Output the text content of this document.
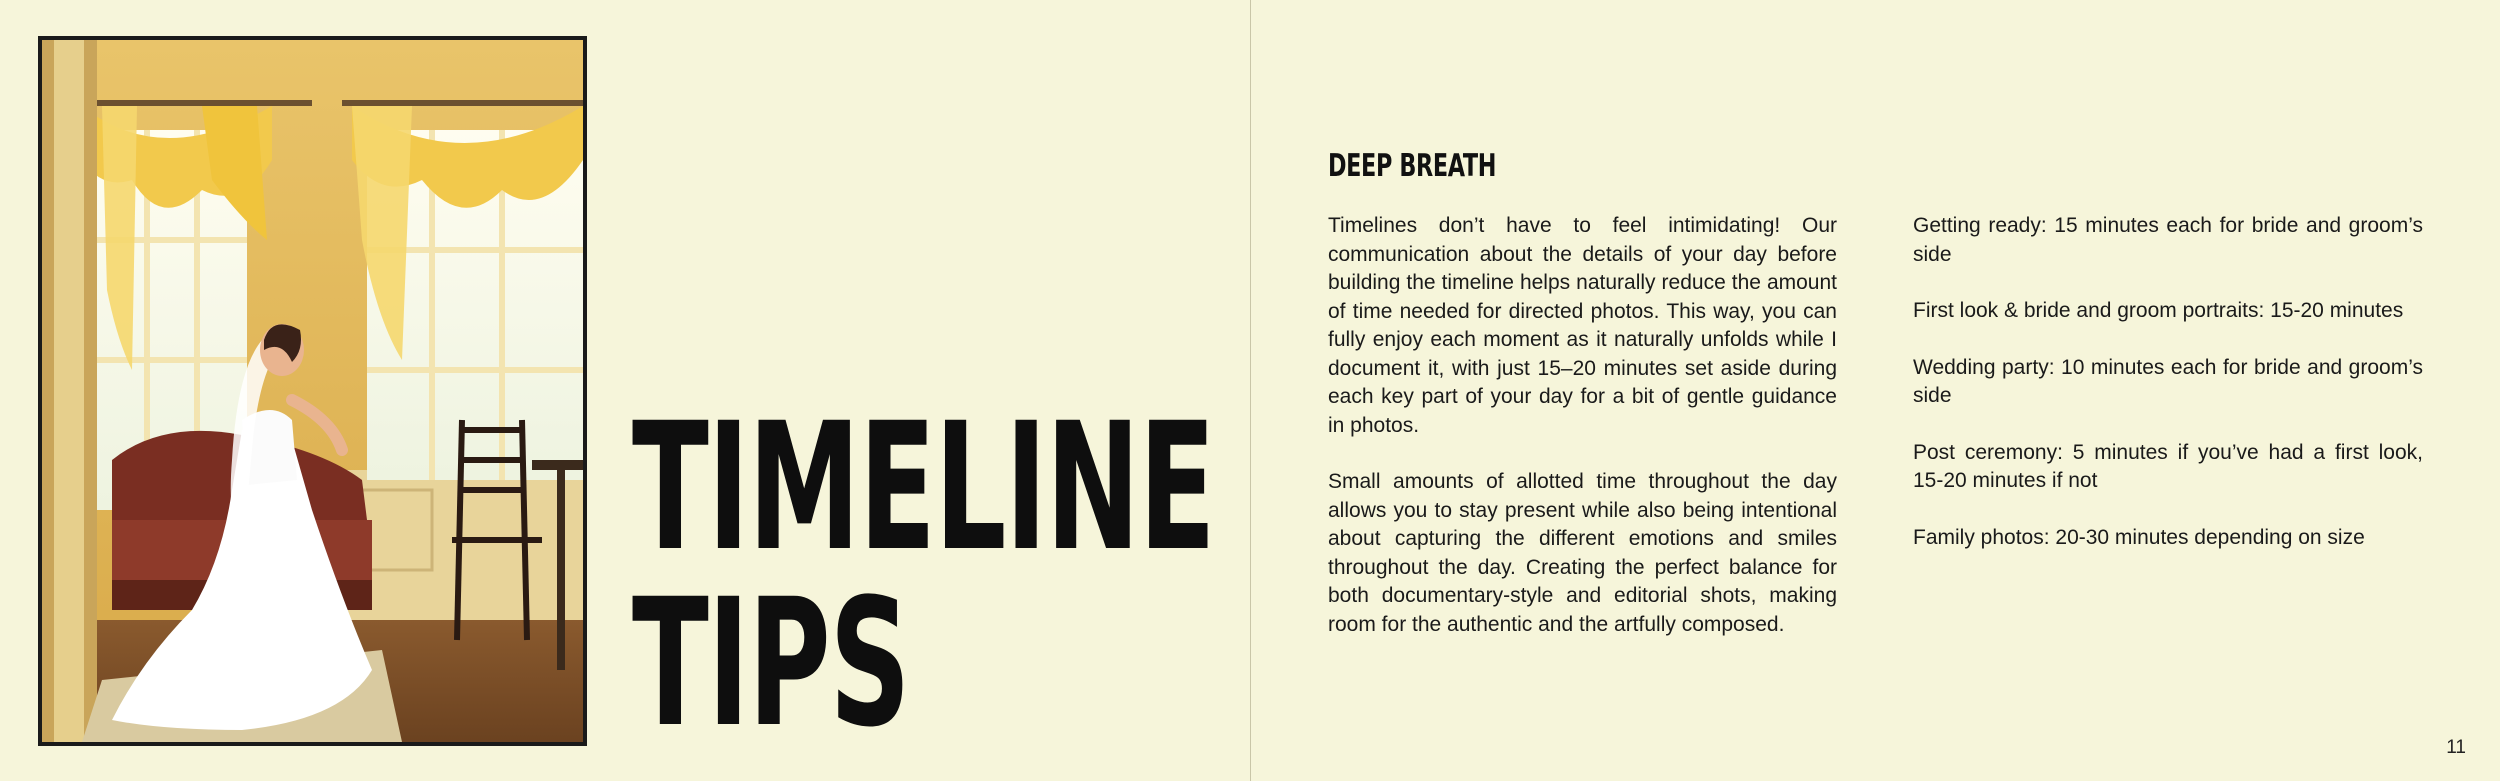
TIMELINE
TIPS
DEEP BREATH

Timelines don’t have to feel intimidating! Our communication about the details of your day before building the timeline helps naturally reduce the amount of time needed for directed photos. This way, you can fully enjoy each moment as it naturally unfolds while I document it, with just 15–20 minutes set aside during each key part of your day for a bit of gentle guidance in photos.

Small amounts of allotted time throughout the day allows you to stay present while also being intentional about capturing the different emotions and smiles throughout the day. Creating the perfect balance for both documentary-style and editorial shots, making room for the authentic and the artfully composed.

Getting ready: 15 minutes each for bride and groom’s side

First look & bride and groom portraits: 15-20 minutes

Wedding party: 10 minutes each for bride and groom’s side

Post ceremony: 5 minutes if you’ve had a first look, 15-20 minutes if not

Family photos: 20-30 minutes depending on size

11
